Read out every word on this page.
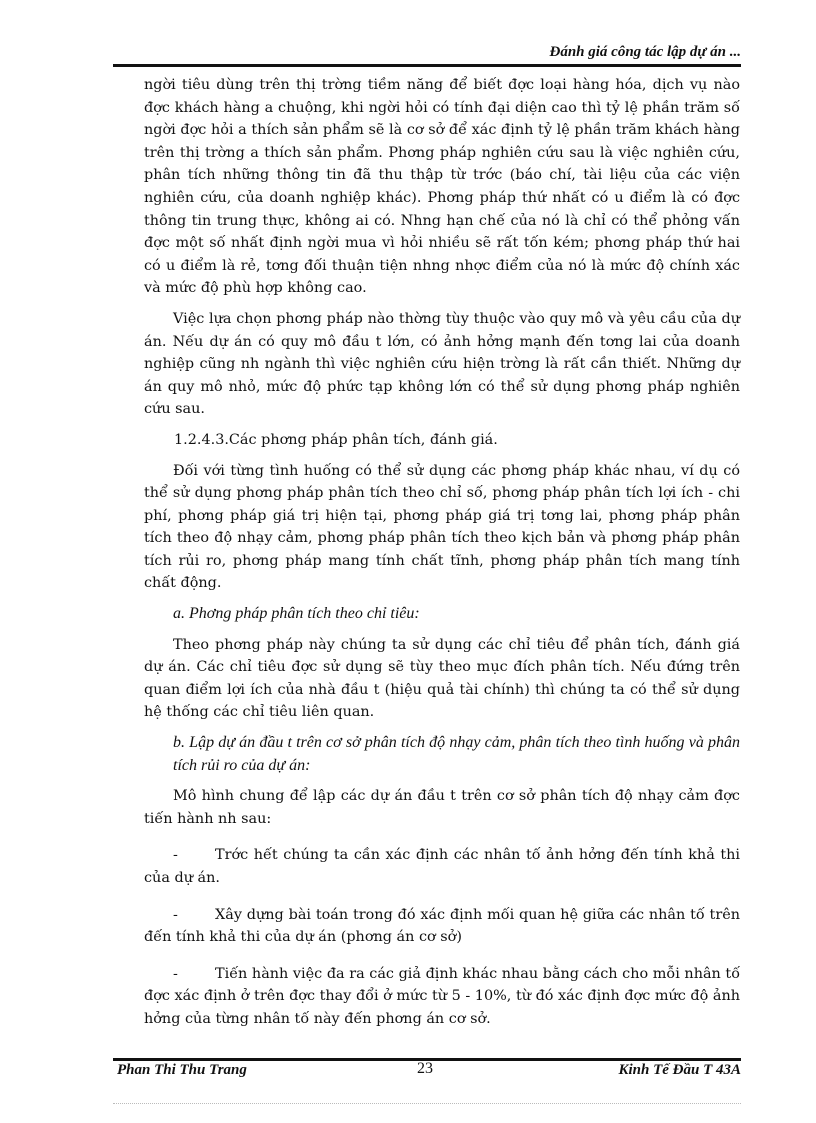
Đánh giá công tác lập dự án ...

ngời tiêu dùng trên thị trờng tiềm năng để biết đợc loại hàng hóa, dịch vụ nào đợc khách hàng a chuộng, khi ngời hỏi có tính đại diện cao thì tỷ lệ phần trăm số ngời đợc hỏi a thích sản phẩm sẽ là cơ sở để xác định tỷ lệ phần trăm khách hàng trên thị trờng a thích sản phẩm. Phơng pháp nghiên cứu sau là việc nghiên cứu, phân tích những thông tin đã thu thập từ trớc (báo chí, tài liệu của các viện nghiên cứu, của doanh nghiệp khác). Phơng pháp thứ nhất có u điểm là có đợc thông tin trung thực, không ai có. Nhng hạn chế của nó là chỉ có thể phỏng vấn đợc một số nhất định ngời mua vì hỏi nhiều sẽ rất tốn kém; phơng pháp thứ hai có u điểm là rẻ, tơng đối thuận tiện nhng nhợc điểm của nó là mức độ chính xác và mức độ phù hợp không cao.

Việc lựa chọn phơng pháp nào thờng tùy thuộc vào quy mô và yêu cầu của dự án. Nếu dự án có quy mô đầu t lớn, có ảnh hởng mạnh đến tơng lai của doanh nghiệp cũng nh ngành thì việc nghiên cứu hiện trờng là rất cần thiết. Những dự án quy mô nhỏ, mức độ phức tạp không lớn có thể sử dụng phơng pháp nghiên cứu sau.

1.2.4.3.Các phơng pháp phân tích, đánh giá.

Đối với từng tình huống có thể sử dụng các phơng pháp khác nhau, ví dụ có thể sử dụng phơng pháp phân tích theo chỉ số, phơng pháp phân tích lợi ích - chi phí, phơng pháp giá trị hiện tại, phơng pháp giá trị tơng lai, phơng pháp phân tích theo độ nhạy cảm, phơng pháp phân tích theo kịch bản và phơng pháp phân tích rủi ro, phơng pháp mang tính chất tĩnh, phơng pháp phân tích mang tính chất động.

a. Phơng pháp phân tích theo chỉ tiêu:

Theo phơng pháp này chúng ta sử dụng các chỉ tiêu để phân tích, đánh giá dự án. Các chỉ tiêu đợc sử dụng sẽ tùy theo mục đích phân tích. Nếu đứng trên quan điểm lợi ích của nhà đầu t (hiệu quả tài chính) thì chúng ta có thể sử dụng hệ thống các chỉ tiêu liên quan.

b. Lập dự án đầu t trên cơ sở phân tích độ nhạy cảm, phân tích theo tình huống và phân tích rủi ro của dự án:

Mô hình chung để lập các dự án đầu t trên cơ sở phân tích độ nhạy cảm đợc tiến hành nh sau:

-	Trớc hết chúng ta cần xác định các nhân tố ảnh hởng đến tính khả thi của dự án.

-	Xây dựng bài toán trong đó xác định mối quan hệ giữa các nhân tố trên đến tính khả thi của dự án (phơng án cơ sở)

-	Tiến hành việc đa ra các giả định khác nhau bằng cách cho mỗi nhân tố đợc xác định ở trên đợc thay đổi ở mức từ 5 - 10%, từ đó xác định đợc mức độ ảnh hởng của từng nhân tố này đến phơng án cơ sở.

Phan Thi Thu Trang	23	Kinh Tế Đầu T 43A
